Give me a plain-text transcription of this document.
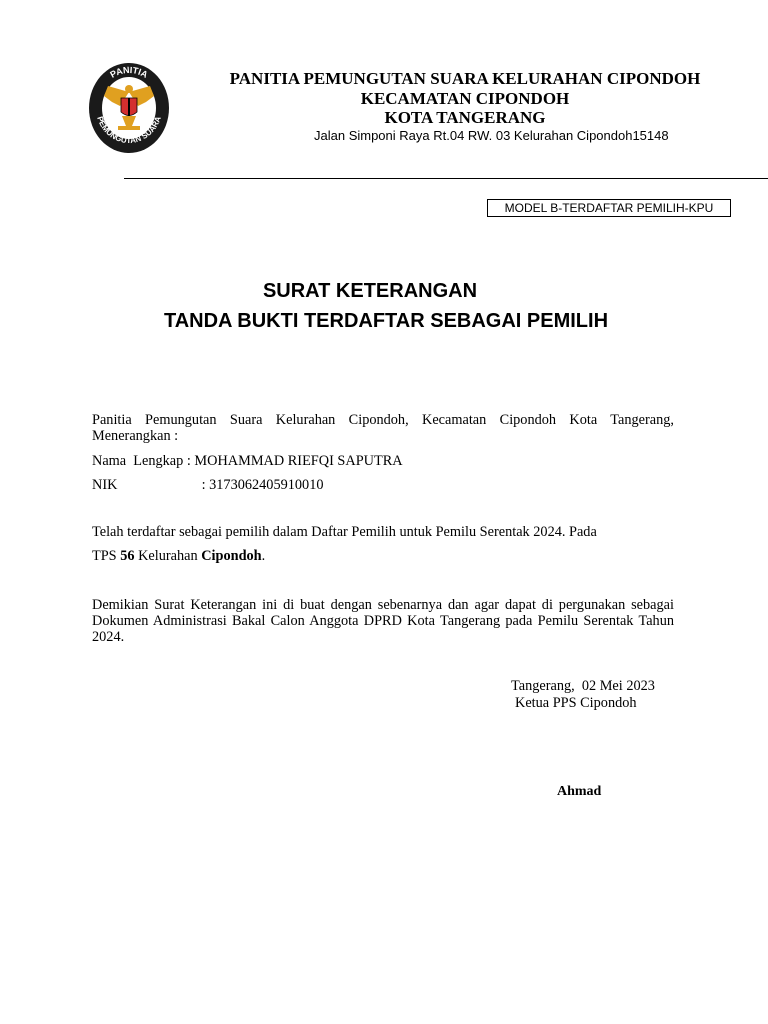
PANITIA
PEMUNGUTAN SUARA
PANITIA PEMUNGUTAN SUARA KELURAHAN CIPONDOH
KECAMATAN CIPONDOH
KOTA TANGERANG
Jalan Simponi Raya Rt.04 RW. 03 Kelurahan Cipondoh15148
MODEL B-TERDAFTAR PEMILIH-KPU
SURAT KETERANGAN
TANDA BUKTI TERDAFTAR SEBAGAI PEMILIH
Panitia Pemungutan Suara Kelurahan Cipondoh, Kecamatan Cipondoh Kota Tangerang, Menerangkan :
Nama  Lengkap : MOHAMMAD RIEFQI SAPUTRA
NIK	: 3173062405910010
Telah terdaftar sebagai pemilih dalam Daftar Pemilih untuk Pemilu Serentak 2024. Pada
TPS 56 Kelurahan Cipondoh.
Demikian Surat Keterangan ini di buat dengan sebenarnya dan agar dapat di pergunakan sebagai Dokumen Administrasi Bakal Calon Anggota DPRD Kota Tangerang pada Pemilu Serentak Tahun 2024.
Tangerang,  02 Mei 2023
Ketua PPS Cipondoh
Ahmad
